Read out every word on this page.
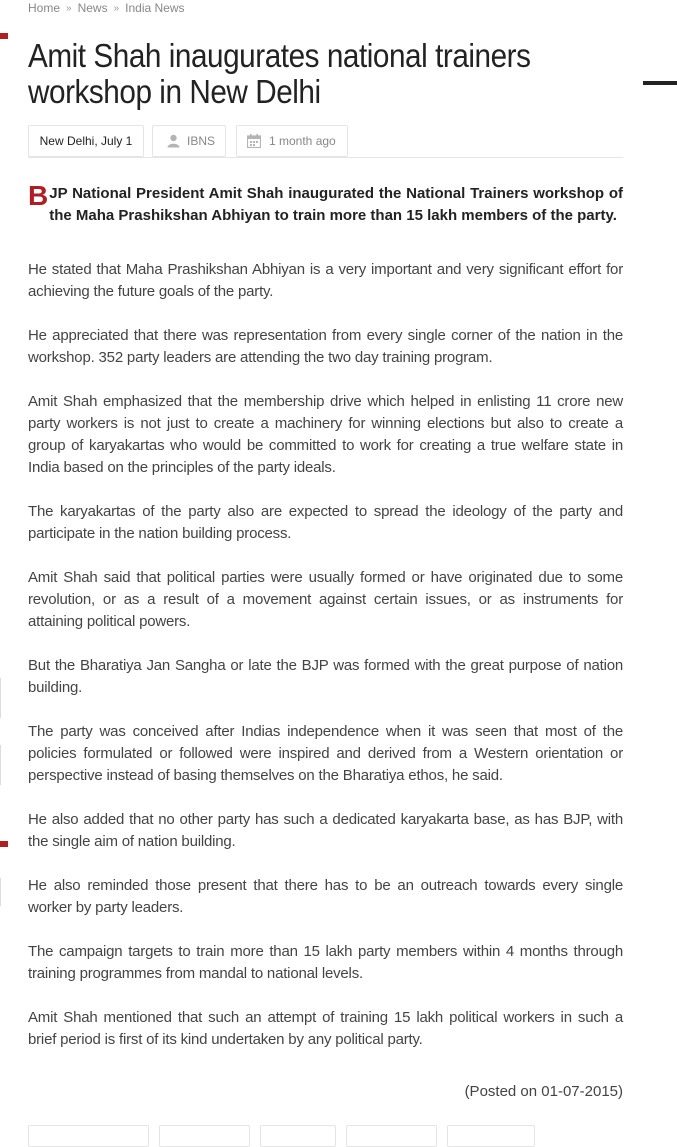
Home » News » India News
Amit Shah inaugurates national trainers workshop in New Delhi
New Delhi, July 1	IBNS	1 month ago

BJP National President Amit Shah inaugurated the National Trainers workshop of the Maha Prashikshan Abhiyan to train more than 15 lakh members of the party.

He stated that Maha Prashikshan Abhiyan is a very important and very significant effort for achieving the future goals of the party.

He appreciated that there was representation from every single corner of the nation in the workshop. 352 party leaders are attending the two day training program.

Amit Shah emphasized that the membership drive which helped in enlisting 11 crore new party workers is not just to create a machinery for winning elections but also to create a group of karyakartas who would be committed to work for creating a true welfare state in India based on the principles of the party ideals.

The karyakartas of the party also are expected to spread the ideology of the party and participate in the nation building process.

Amit Shah said that political parties were usually formed or have originated due to some revolution, or as a result of a movement against certain issues, or as instruments for attaining political powers.

But the Bharatiya Jan Sangha or late the BJP was formed with the great purpose of nation building.

The party was conceived after Indias independence when it was seen that most of the policies formulated or followed were inspired and derived from a Western orientation or perspective instead of basing themselves on the Bharatiya ethos, he said.

He also added that no other party has such a dedicated karyakarta base, as has BJP, with the single aim of nation building.

He also reminded those present that there has to be an outreach towards every single worker by party leaders.

The campaign targets to train more than 15 lakh party members within 4 months through training programmes from mandal to national levels.

Amit Shah mentioned that such an attempt of training 15 lakh political workers in such a brief period is first of its kind undertaken by any political party.

(Posted on 01-07-2015)
